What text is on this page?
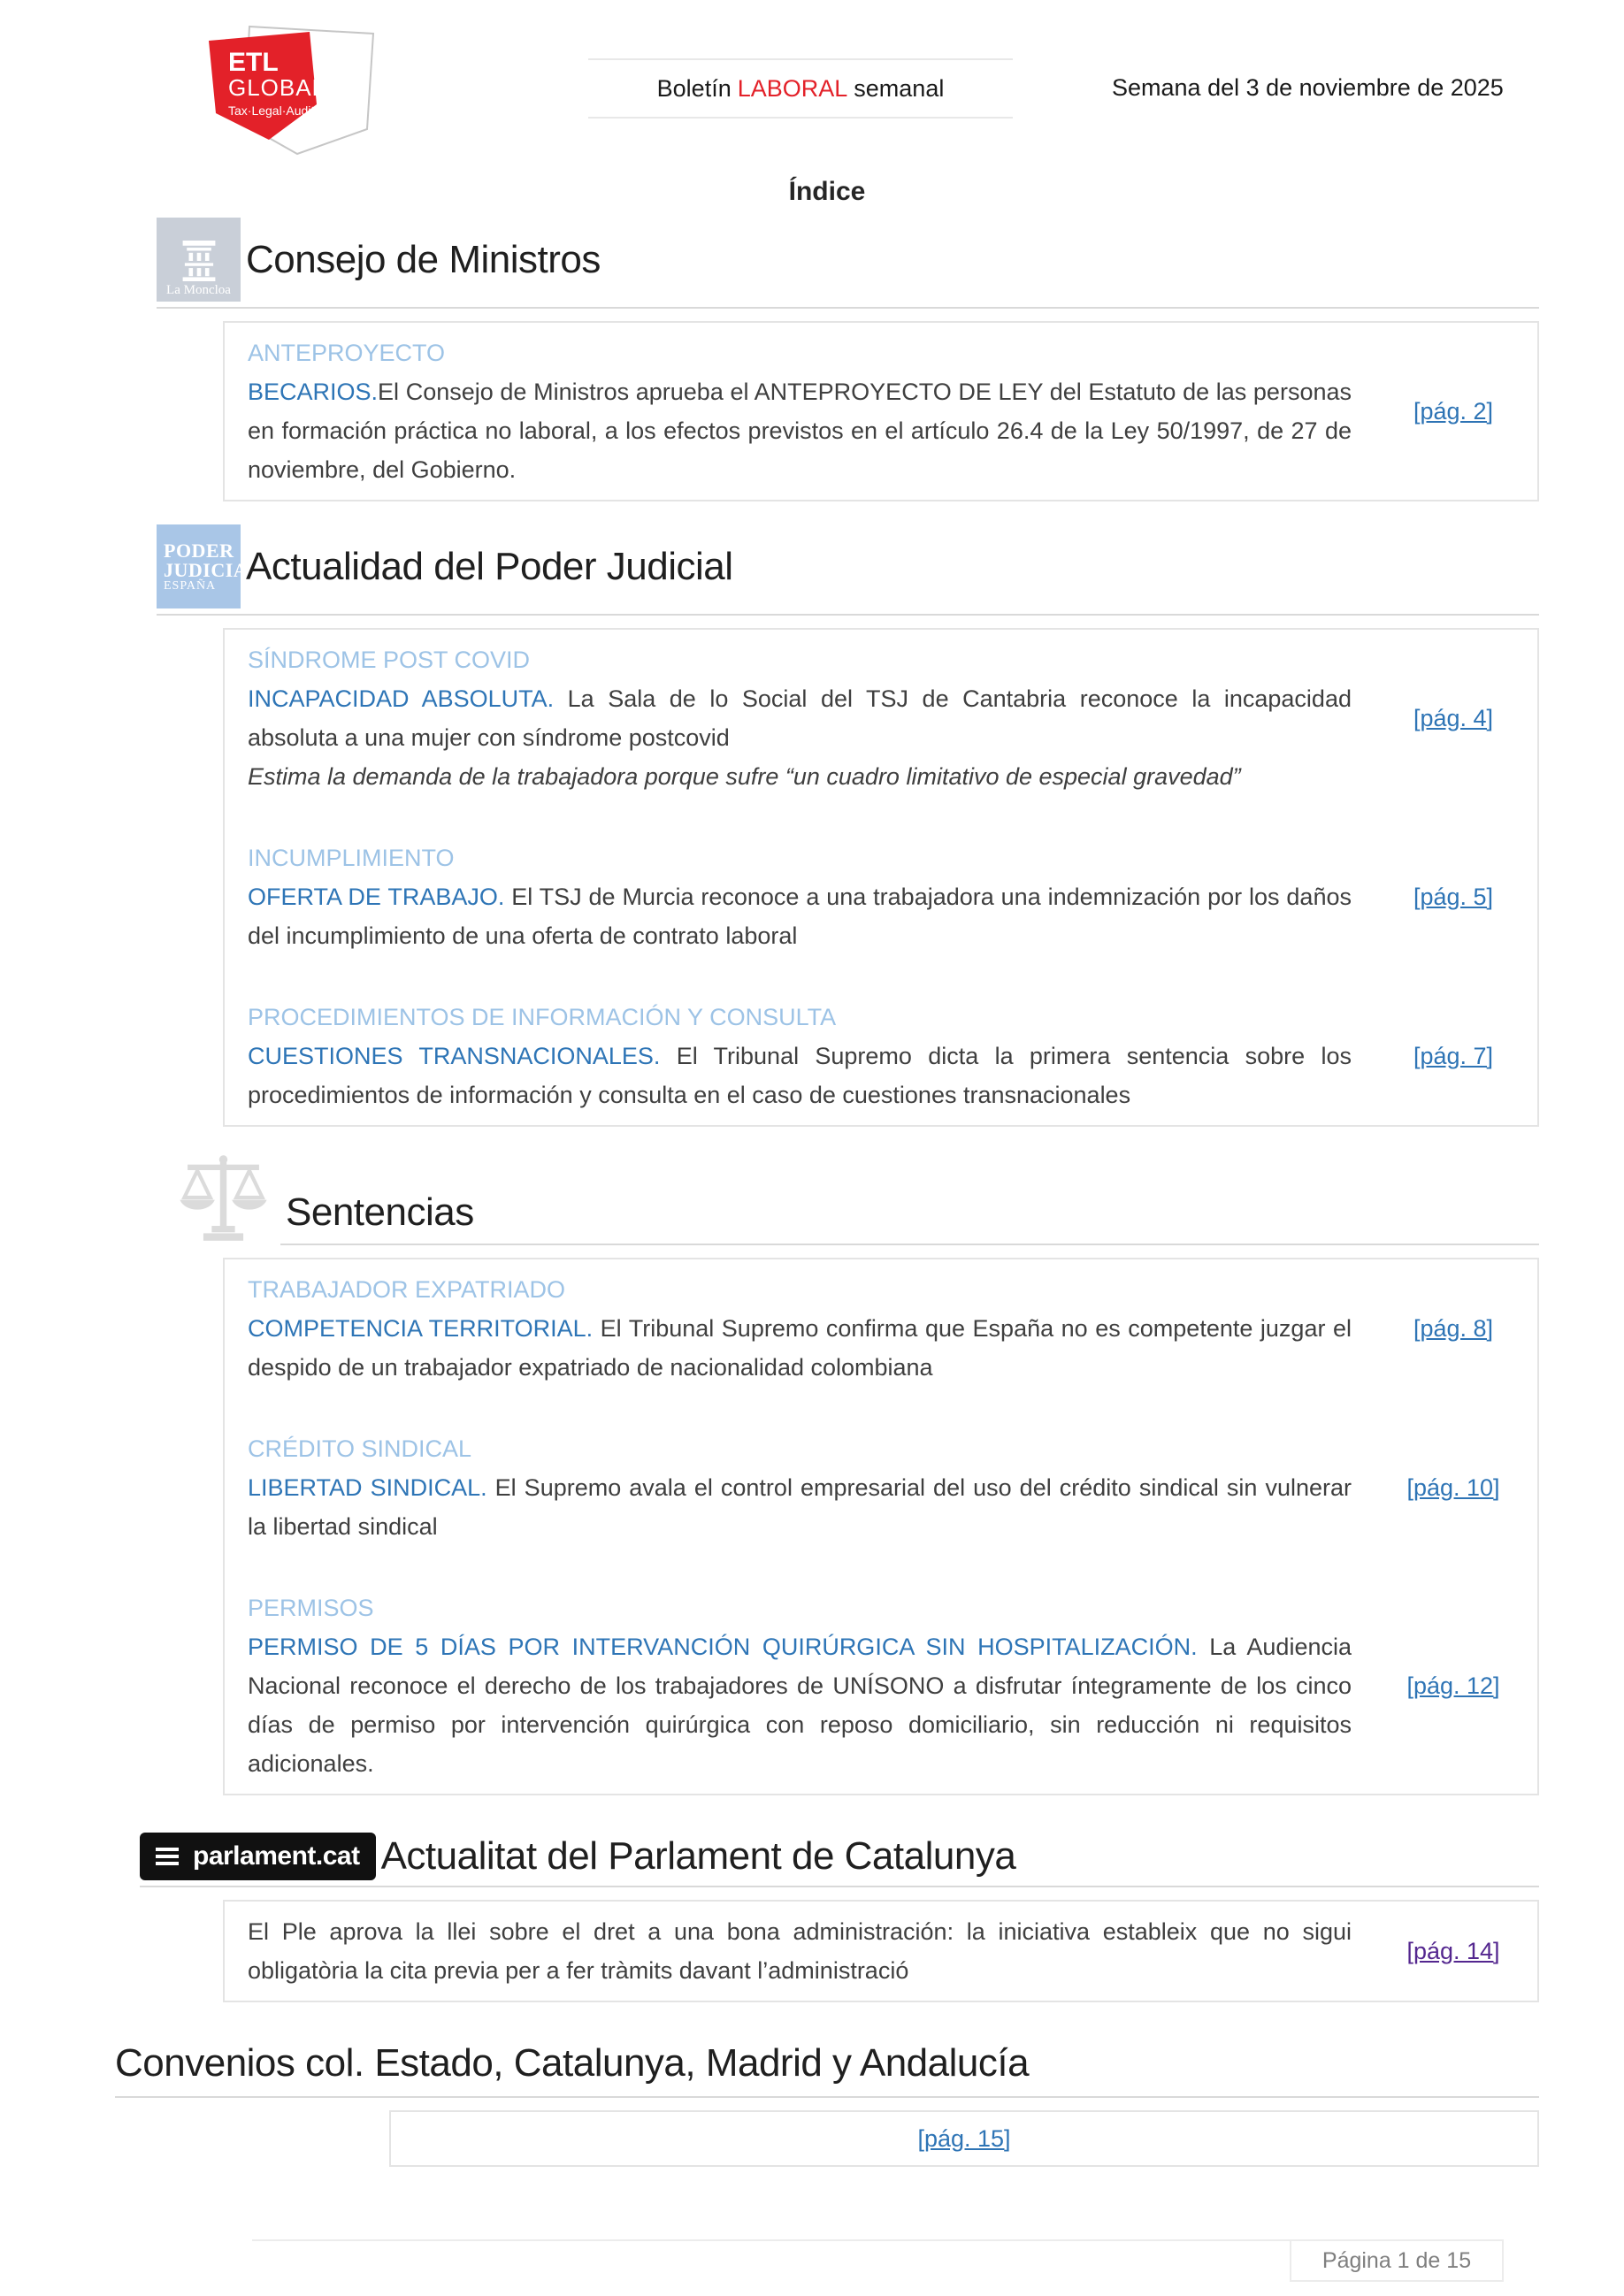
ETL
GLOBAL
Tax·Legal·Audit
Boletín LABORAL semanal	Semana del 3 de noviembre de 2025
Índice
La Moncloa
Consejo de Ministros
ANTEPROYECTO

BECARIOS.El Consejo de Ministros aprueba el ANTEPROYECTO DE LEY del Estatuto de las personas en formación práctica no laboral, a los efectos previstos en el artículo 26.4 de la Ley 50/1997, de 27 de noviembre, del Gobierno.

[pág. 2]
PODER
JUDICIAL
ESPAÑA Actualidad del Poder Judicial
SÍNDROME POST COVID

INCAPACIDAD ABSOLUTA. La Sala de lo Social del TSJ de Cantabria reconoce la incapacidad absoluta a una mujer con síndrome postcovid

Estima la demanda de la trabajadora porque sufre “un cuadro limitativo de especial gravedad”
[pág. 4]
INCUMPLIMIENTO

OFERTA DE TRABAJO. El TSJ de Murcia reconoce a una trabajadora una indemnización por los daños del incumplimiento de una oferta de contrato laboral

[pág. 5]
PROCEDIMIENTOS DE INFORMACIÓN Y CONSULTA

CUESTIONES TRANSNACIONALES. El Tribunal Supremo dicta la primera sentencia sobre los procedimientos de información y consulta en el caso de cuestiones transnacionales

[pág. 7]
Sentencias
TRABAJADOR EXPATRIADO

COMPETENCIA TERRITORIAL. El Tribunal Supremo confirma que España no es competente juzgar el despido de un trabajador expatriado de nacionalidad colombiana

[pág. 8]
CRÉDITO SINDICAL

LIBERTAD SINDICAL. El Supremo avala el control empresarial del uso del crédito sindical sin vulnerar la libertad sindical

[pág. 10]
PERMISOS

PERMISO DE 5 DÍAS POR INTERVANCIÓN QUIRÚRGICA SIN HOSPITALIZACIÓN. La Audiencia Nacional reconoce el derecho de los trabajadores de UNÍSONO a disfrutar íntegramente de los cinco días de permiso por intervención quirúrgica con reposo domiciliario, sin reducción ni requisitos adicionales.

[pág. 12]
parlament.cat Actualitat del Parlament de Catalunya

El Ple aprova la llei sobre el dret a una bona administración: la iniciativa estableix que no sigui obligatòria la cita previa per a fer tràmits davant l’administració

[pág. 14]
Convenios col. Estado, Catalunya, Madrid y Andalucía
[pág. 15]
Página 1 de 15
